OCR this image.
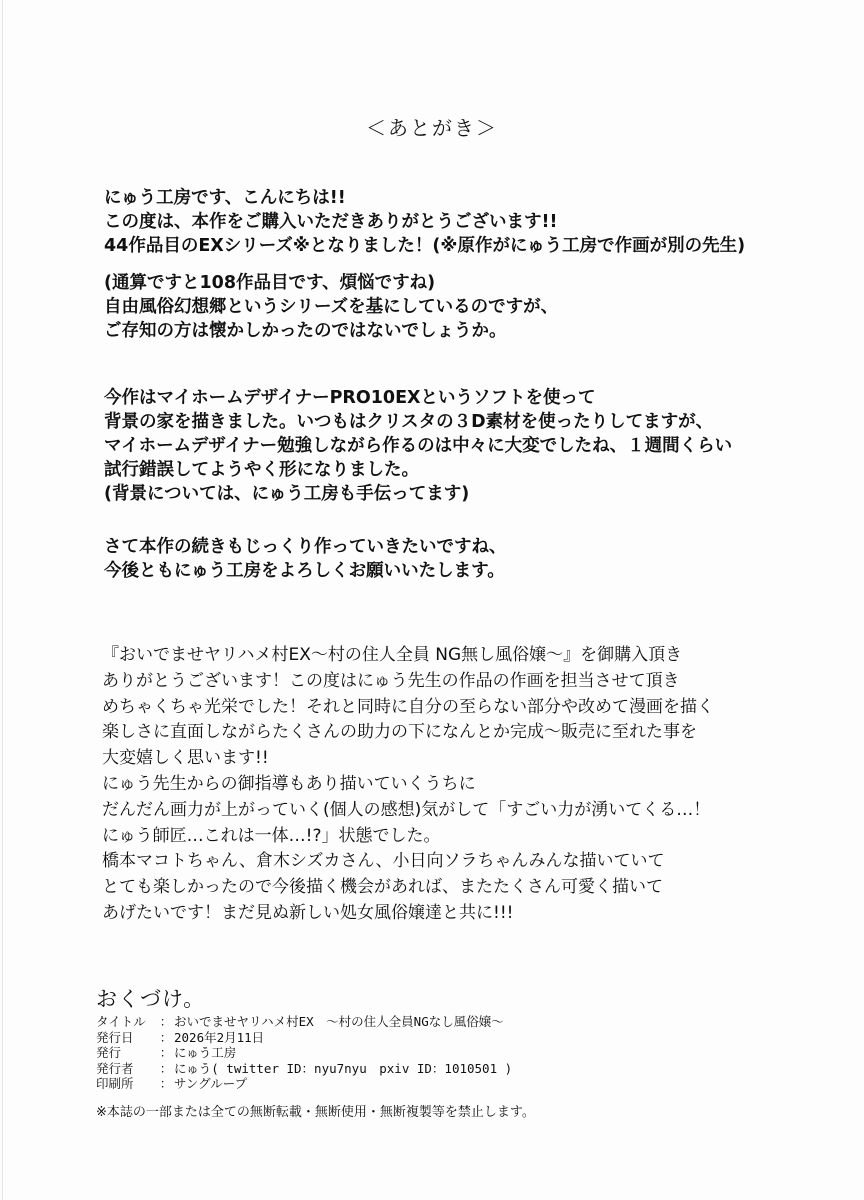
＜あとがき＞

にゅう工房です、こんにちは!!
この度は、本作をご購入いただきありがとうございます!!
44作品目のEXシリーズ※となりました！(※原作がにゅう工房で作画が別の先生)

(通算ですと108作品目です、煩悩ですね)
自由風俗幻想郷というシリーズを基にしているのですが、
ご存知の方は懐かしかったのではないでしょうか。

今作はマイホームデザイナーPRO10EXというソフトを使って
背景の家を描きました。いつもはクリスタの３D素材を使ったりしてますが、
マイホームデザイナー勉強しながら作るのは中々に大変でしたね、１週間くらい
試行錯誤してようやく形になりました。
(背景については、にゅう工房も手伝ってます)

さて本作の続きもじっくり作っていきたいですね、
今後ともにゅう工房をよろしくお願いいたします。

『おいでませヤリハメ村EX～村の住人全員 NG無し風俗嬢～』を御購入頂き
ありがとうございます！この度はにゅう先生の作品の作画を担当させて頂き
めちゃくちゃ光栄でした！それと同時に自分の至らない部分や改めて漫画を描く
楽しさに直面しながらたくさんの助力の下になんとか完成～販売に至れた事を
大変嬉しく思います!!
にゅう先生からの御指導もあり描いていくうちに
だんだん画力が上がっていく(個人の感想)気がして「すごい力が湧いてくる…！
にゅう師匠…これは一体…!?」状態でした。
橋本マコトちゃん、倉木シズカさん、小日向ソラちゃんみんな描いていて
とても楽しかったので今後描く機会があれば、またたくさん可愛く描いて
あげたいです！まだ見ぬ新しい処女風俗嬢達と共に!!!

おくづけ。
タイトル ： おいでませヤリハメ村EX　～村の住人全員NGなし風俗嬢～
発行日 ： 2026年2月11日
発行	： にゅう工房
発行者 ： にゅう( twitter ID：nyu7nyu　pxiv ID：1010501 )
印刷所 ： サングループ
※本誌の一部または全ての無断転載・無断使用・無断複製等を禁止します。
